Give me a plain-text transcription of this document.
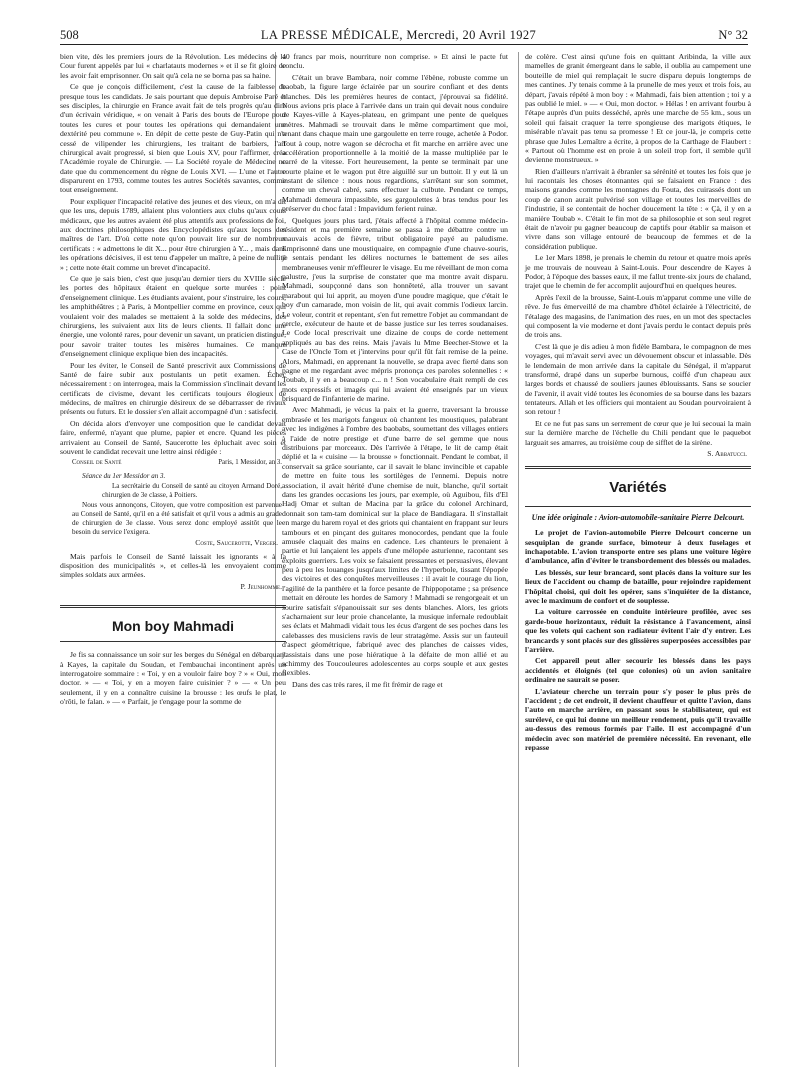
508	LA PRESSE MÉDICALE, Mercredi, 20 Avril 1927	N° 32

bien vite, dès les premiers jours de la Révolution. Les médecins de la Cour furent appelés par lui « charlatauts modernes » et il se fit gloire de les avoir fait emprisonner. On sait qu'à cela ne se borna pas sa haine.

Ce que je conçois difficilement, c'est la cause de la faiblesse de presque tous les candidats. Je sais pourtant que depuis Ambroise Paré et ses disciples, la chirurgie en France avait fait de tels progrès qu'au dire d'un écrivain véridique, « on venait à Paris des bouts de l'Europe pour toutes les cures et pour toutes les opérations qui demandaient une dextérité peu commune ». En dépit de cette peste de Guy-Patin qui n'a cessé de vilipender les chirurgiens, les traitant de barbiers, l'art chirurgical avait progressé, si bien que Louis XV, pour l'affirmer, créa l'Académie royale de Chirurgie. — La Société royale de Médecine ne date que du commencement du règne de Louis XVI. — L'une et l'autre disparurent en 1793, comme toutes les autres Sociétés savantes, comme tout enseignement.

Pour expliquer l'incapacité relative des jeunes et des vieux, on m'a dit que les uns, depuis 1789, allaient plus volontiers aux clubs qu'aux cours médicaux, que les autres avaient été plus attentifs aux professions de foi, aux doctrines philosophiques des Encyclopédistes qu'aux leçons des maîtres de l'art. D'où cette note qu'on pouvait lire sur de nombreux certificats : « admettons le dit X... pour être chirurgien à Y... , mais dans les opérations décisives, il est tenu d'appeler un maître, à peine de nullité » ; cette note était comme un brevet d'incapacité.

Ce que je sais bien, c'est que jusqu'au dernier tiers du XVIIIe siècle les portes des hôpitaux étaient en quelque sorte murées : point d'enseignement clinique. Les étudiants avaient, pour s'instruire, les cours, les amphithéâtres ; à Paris, à Montpellier comme en province, ceux qui voulaient voir des malades se mettaient à la solde des médecins, des chirurgiens, les suivaient aux lits de leurs clients. Il fallait donc une énergie, une volonté rares, pour devenir un savant, un praticien distingué, pour savoir traiter toutes les misères humaines. Ce manque d'enseignement clinique explique bien des incapacités.

Pour les éviter, le Conseil de Santé prescrivit aux Commissions de Santé de faire subir aux postulants un petit examen. Échec nécessairement : on interrogea, mais la Commission s'inclinait devant les certificats de civisme, devant les certificats toujours élogieux de médecins, de maîtres en chirurgie désireux de se débarrasser de rivaux présents ou futurs. Et le dossier s'en allait accompagné d'un : satisfecit.

On décida alors d'envoyer une composition que le candidat devait faire, enfermé, n'ayant que plume, papier et encre. Quand les pièces arrivaient au Conseil de Santé, Saucerotte les épluchait avec soin et souvent le candidat recevait une lettre ainsi rédigée :

Conseil de Santé	Paris, 1 Messidor, an 3.

Séance du 1er Messidor an 3.

La secrétairie du Conseil de santé au citoyen Armand Doré, chirurgien de 3e classe, à Poitiers.

Nous vous annonçons, Citoyen, que votre composition est parvenue au Conseil de Santé, qu'il en a été satisfait et qu'il vous a admis au grade de chirurgien de 3e classe. Vous serez donc employé assitôt que le besoin du service l'exigera.

Coste, Saucerotte, Verger.

Mais parfois le Conseil de Santé laissait les ignorants « à la disposition des municipalités », et celles-là les envoyaient comme simples soldats aux armées.

P. Jeunhomme.

Mon boy Mahmadi

Je fis sa connaissance un soir sur les berges du Sénégal en débarquant à Kayes, la capitale du Soudan, et l'embauchai incontinent après un interrogatoire sommaire : « Toi, y en a vouloir faire boy ? » « Oui, mon doctor. » — « Toi, y en a moyen faire cuisinier ? » — « Un peu seulement, il y en a connaître cuisine la brousse : les œufs le plat, le o'rôti, le falan. » — « Parfait, je t'engage pour la somme de

40 francs par mois, nourriture non comprise. » Et ainsi le pacte fut conclu.

C'était un brave Bambara, noir comme l'ébène, robuste comme un baobab, la figure large éclairée par un sourire confiant et des dents blanches. Dès les premières heures de contact, j'éprouvai sa fidélité. Nous avions pris place à l'arrivée dans un train qui devait nous conduire de Kayes-ville à Kayes-plateau, en grimpant une pente de quelques mètres. Mahmadi se trouvait dans le même compartiment que moi, tenant dans chaque main une gargoulette en terre rouge, achetée à Podor. Tout à coup, notre wagon se décrocha et fit marche en arrière avec une accélération proportionnelle à la moitié de la masse multipliée par le carré de la vitesse. Fort heureusement, la pente se terminait par une courte plaine et le wagon put être aiguillé sur un buttoir. Il y eut là un instant de silence : nous nous regardions, s'arrêtant sur son sommet, comme un cheval cabré, sans effectuer la culbute. Pendant ce temps, Mahmadi demeura impassible, ses gargoulettes à bras tendus pour les préserver du choc fatal : Impavidum ferient ruinæ.

Quelques jours plus tard, j'étais affecté à l'hôpital comme médecin-résident et ma première semaine se passa à me débattre contre un mauvais accès de fièvre, tribut obligatoire payé au paludisme. Emprisonné dans une moustiquaire, en compagnie d'une chauve-souris, je sentais pendant les délires nocturnes le battement de ses ailes membraneuses venir m'effleurer le visage. Eu me réveillant de mon coma palustre, j'eus la surprise de constater que ma montre avait disparu. Mahmadi, soupçonné dans son honnêteté, alla trouver un savant marabout qui lui apprit, au moyen d'une poudre magique, que c'était le boy d'un camarade, mon voisin de lit, qui avait commis l'odieux larcin. Le voleur, contrit et repentant, s'en fut remettre l'objet au commandant de cercle, exécuteur de haute et de basse justice sur les terres soudanaises. Le Code local prescrivait une dizaine de coups de corde nettement appliqués au bas des reins. Mais j'avais lu Mme Beecher-Stowe et la Case de l'Oncle Tom et j'intervins pour qu'il fût fait remise de la peine. Alors, Mahmadi, en apprenant la nouvelle, se drapa avec fierté dans son pagne et me regardant avec mépris prononça ces paroles solennelles : « Toubab, il y en a beaucoup c... n ! Son vocabulaire était rempli de ces mots expressifs et imagés qui lui avaient été enseignés par un vieux brisquard de l'infanterie de marine.

Avec Mahmadi, je vécus la paix et la guerre, traversant la brousse embrasée et les marigots fangeux où chantent les moustiques, palabrant avec les indigènes à l'ombre des baobabs, soumettant des villages entiers à l'aide de notre prestige et d'une barre de sel gemme que nous distribuions par morceaux. Dès l'arrivée à l'étape, le lit de camp était déplié et la « cuisine — la brousse » fonctionnait. Pendant le combat, il conservait sa grâce souriante, car il savait le blanc invincible et capable de mettre en fuite tous les sortilèges de l'ennemi. Depuis notre association, il avait hérité d'une chemise de nuit, blanche, qu'il sortait dans les grandes occasions les jours, par exemple, où Aguibou, fils d'El Hadj Omar et sultan de Macina par la grâce du colonel Archinard, donnait son tam-tam dominical sur la place de Bandiagara. Il s'installait en marge du harem royal et des griots qui chantaient en frappant sur leurs tambours et en pinçant des guitares monocordes, pendant que la foule amusée claquait des mains en cadence. Les chanteurs le prenaient à partie et lui lançaient les appels d'une mélopée asturienne, racontant ses exploits guerriers. Les voix se faisaient pressantes et persuasives, élevant peu à peu les louanges jusqu'aux limites de l'hyperbole, tissant l'épopée des victoires et des conquêtes merveilleuses : il avait le courage du lion, l'agilité de la panthère et la force pesante de l'hippopotame ; sa présence mettait en déroute les hordes de Samory ! Mahmadi se rengorgeait et un sourire satisfait s'épanouissait sur ses dents blanches. Alors, les griots s'acharnaient sur leur proie chancelante, la musique infernale redoublait ses éclats et Mahmadi vidait tous les écus d'argent de ses poches dans les calebasses des musiciens ravis de leur stratagème. Assis sur un fauteuil d'aspect géométrique, fabriqué avec des planches de caisses vides, j'assistais dans une pose hiératique à la défaite de mon allié et au schimmy des Toucouleures adolescentes au corps souple et aux gestes flexibles.

Dans des cas très rares, il me fit frémir de rage et

de colère. C'est ainsi qu'une fois en quittant Aribinda, la ville aux mamelles de granit émergeant dans le sable, il oublia au campement une bouteille de miel qui remplaçait le sucre disparu depuis longtemps de mes cantines. J'y tenais comme à la prunelle de mes yeux et trois fois, au départ, j'avais répété à mon boy : « Mahmadi, fais bien attention ; toi y a pas oublié le miel. » — « Oui, mon doctor. » Hélas ! en arrivant fourbu à l'étape auprès d'un puits desséché, après une marche de 55 km., sous un soleil qui faisait craquer la terre spongieuse des marigots étiques, le misérable n'avait pas tenu sa promesse ! Et ce jour-là, je compris cette phrase que Jules Lemaître a écrite, à propos de la Carthage de Flaubert : « Partout où l'homme est en proie à un soleil trop fort, il semble qu'il devienne monstrueux. »

Rien d'ailleurs n'arrivait à ébranler sa sérénité et toutes les fois que je lui racontais les choses étonnantes qui se faisaient en France : des maisons grandes comme les montagnes du Fouta, des cuirassés dont un coup de canon aurait pulvérisé son village et toutes les merveilles de l'industrie, il se contentait de hocher doucement la tête : « Çà, il y en a manière Toubab ». C'était le fin mot de sa philosophie et son seul regret était de n'avoir pu gagner beaucoup de captifs pour établir sa maison et vivre dans son village entouré de beaucoup de femmes et de la considération publique.

Le 1er Mars 1898, je prenais le chemin du retour et quatre mois après je me trouvais de nouveau à Saint-Louis. Pour descendre de Kayes à Podor, à l'époque des basses eaux, il me fallut trente-six jours de chaland, trajet que le chemin de fer accomplit aujourd'hui en quelques heures.

Après l'exil de la brousse, Saint-Louis m'apparut comme une ville de rêve. Je fus émerveillé de ma chambre d'hôtel éclairée à l'électricité, de l'étalage des magasins, de l'animation des rues, en un mot des spectacles qui composent la vie moderne et dont j'avais perdu le contact depuis près de trois ans.

C'est là que je dis adieu à mon fidèle Bambara, le compagnon de mes voyages, qui m'avait servi avec un dévouement obscur et inlassable. Dès le lendemain de mon arrivée dans la capitale du Sénégal, il m'apparut transformé, drapé dans un superbe burnous, coiffé d'un chapeau aux larges bords et chaussé de souliers jaunes éblouissants. Sans se soucier de l'avenir, il avait vidé toutes les économies de sa bourse dans les bazars tentateurs. Allah et les officiers qui montaient au Soudan pourvoiraient à son retour !

Et ce ne fut pas sans un serrement de cœur que je lui secouai la main sur la dernière marche de l'échelle du Chili pendant que le paquebot larguait ses amarres, au troisième coup de sifflet de la sirène.

S. Abbatucci.

Variétés
Une idée originale : Avion-automobile-sanitaire Pierre Delcourt.

Le projet de l'avion-automobile Pierre Delcourt concerne un sesquiplan de grande surface, bimoteur à deux fuselages et inchapotable. L'avion transporte entre ses plans une voiture légère d'ambulance, afin d'éviter le transbordement des blessés ou malades.

Les blessés, sur leur brancard, sont placés dans la voiture sur les lieux de l'accident ou champ de bataille, pour rejoindre rapidement l'hôpital choisi, qui doit les opérer, sans s'inquiéter de la distance, avec le maximum de confort et de souplesse.

La voiture carrossée en conduite intérieure profilée, avec ses garde-boue horizontaux, réduit la résistance à l'avancement, ainsi que les volets qui cachent son radiateur évitent l'air d'y entrer. Les brancards y sont placés sur des glissières superposées accessibles par l'arrière.

Cet appareil peut aller secourir les blessés dans les pays accidentés et éloignés (tel que colonies) où un avion sanitaire ordinaire ne saurait se poser.

L'aviateur cherche un terrain pour s'y poser le plus près de l'accident ; de cet endroit, il devient chauffeur et quitte l'avion, dans l'auto en marche arrière, en passant sous le stabilisateur, qui est surélevé, ce qui lui donne un meilleur rendement, puis qu'il travaille au-dessus des remous formés par l'aile. Il est accompagné d'un médecin avec son matériel de première nécessité. En revenant, elle repasse
